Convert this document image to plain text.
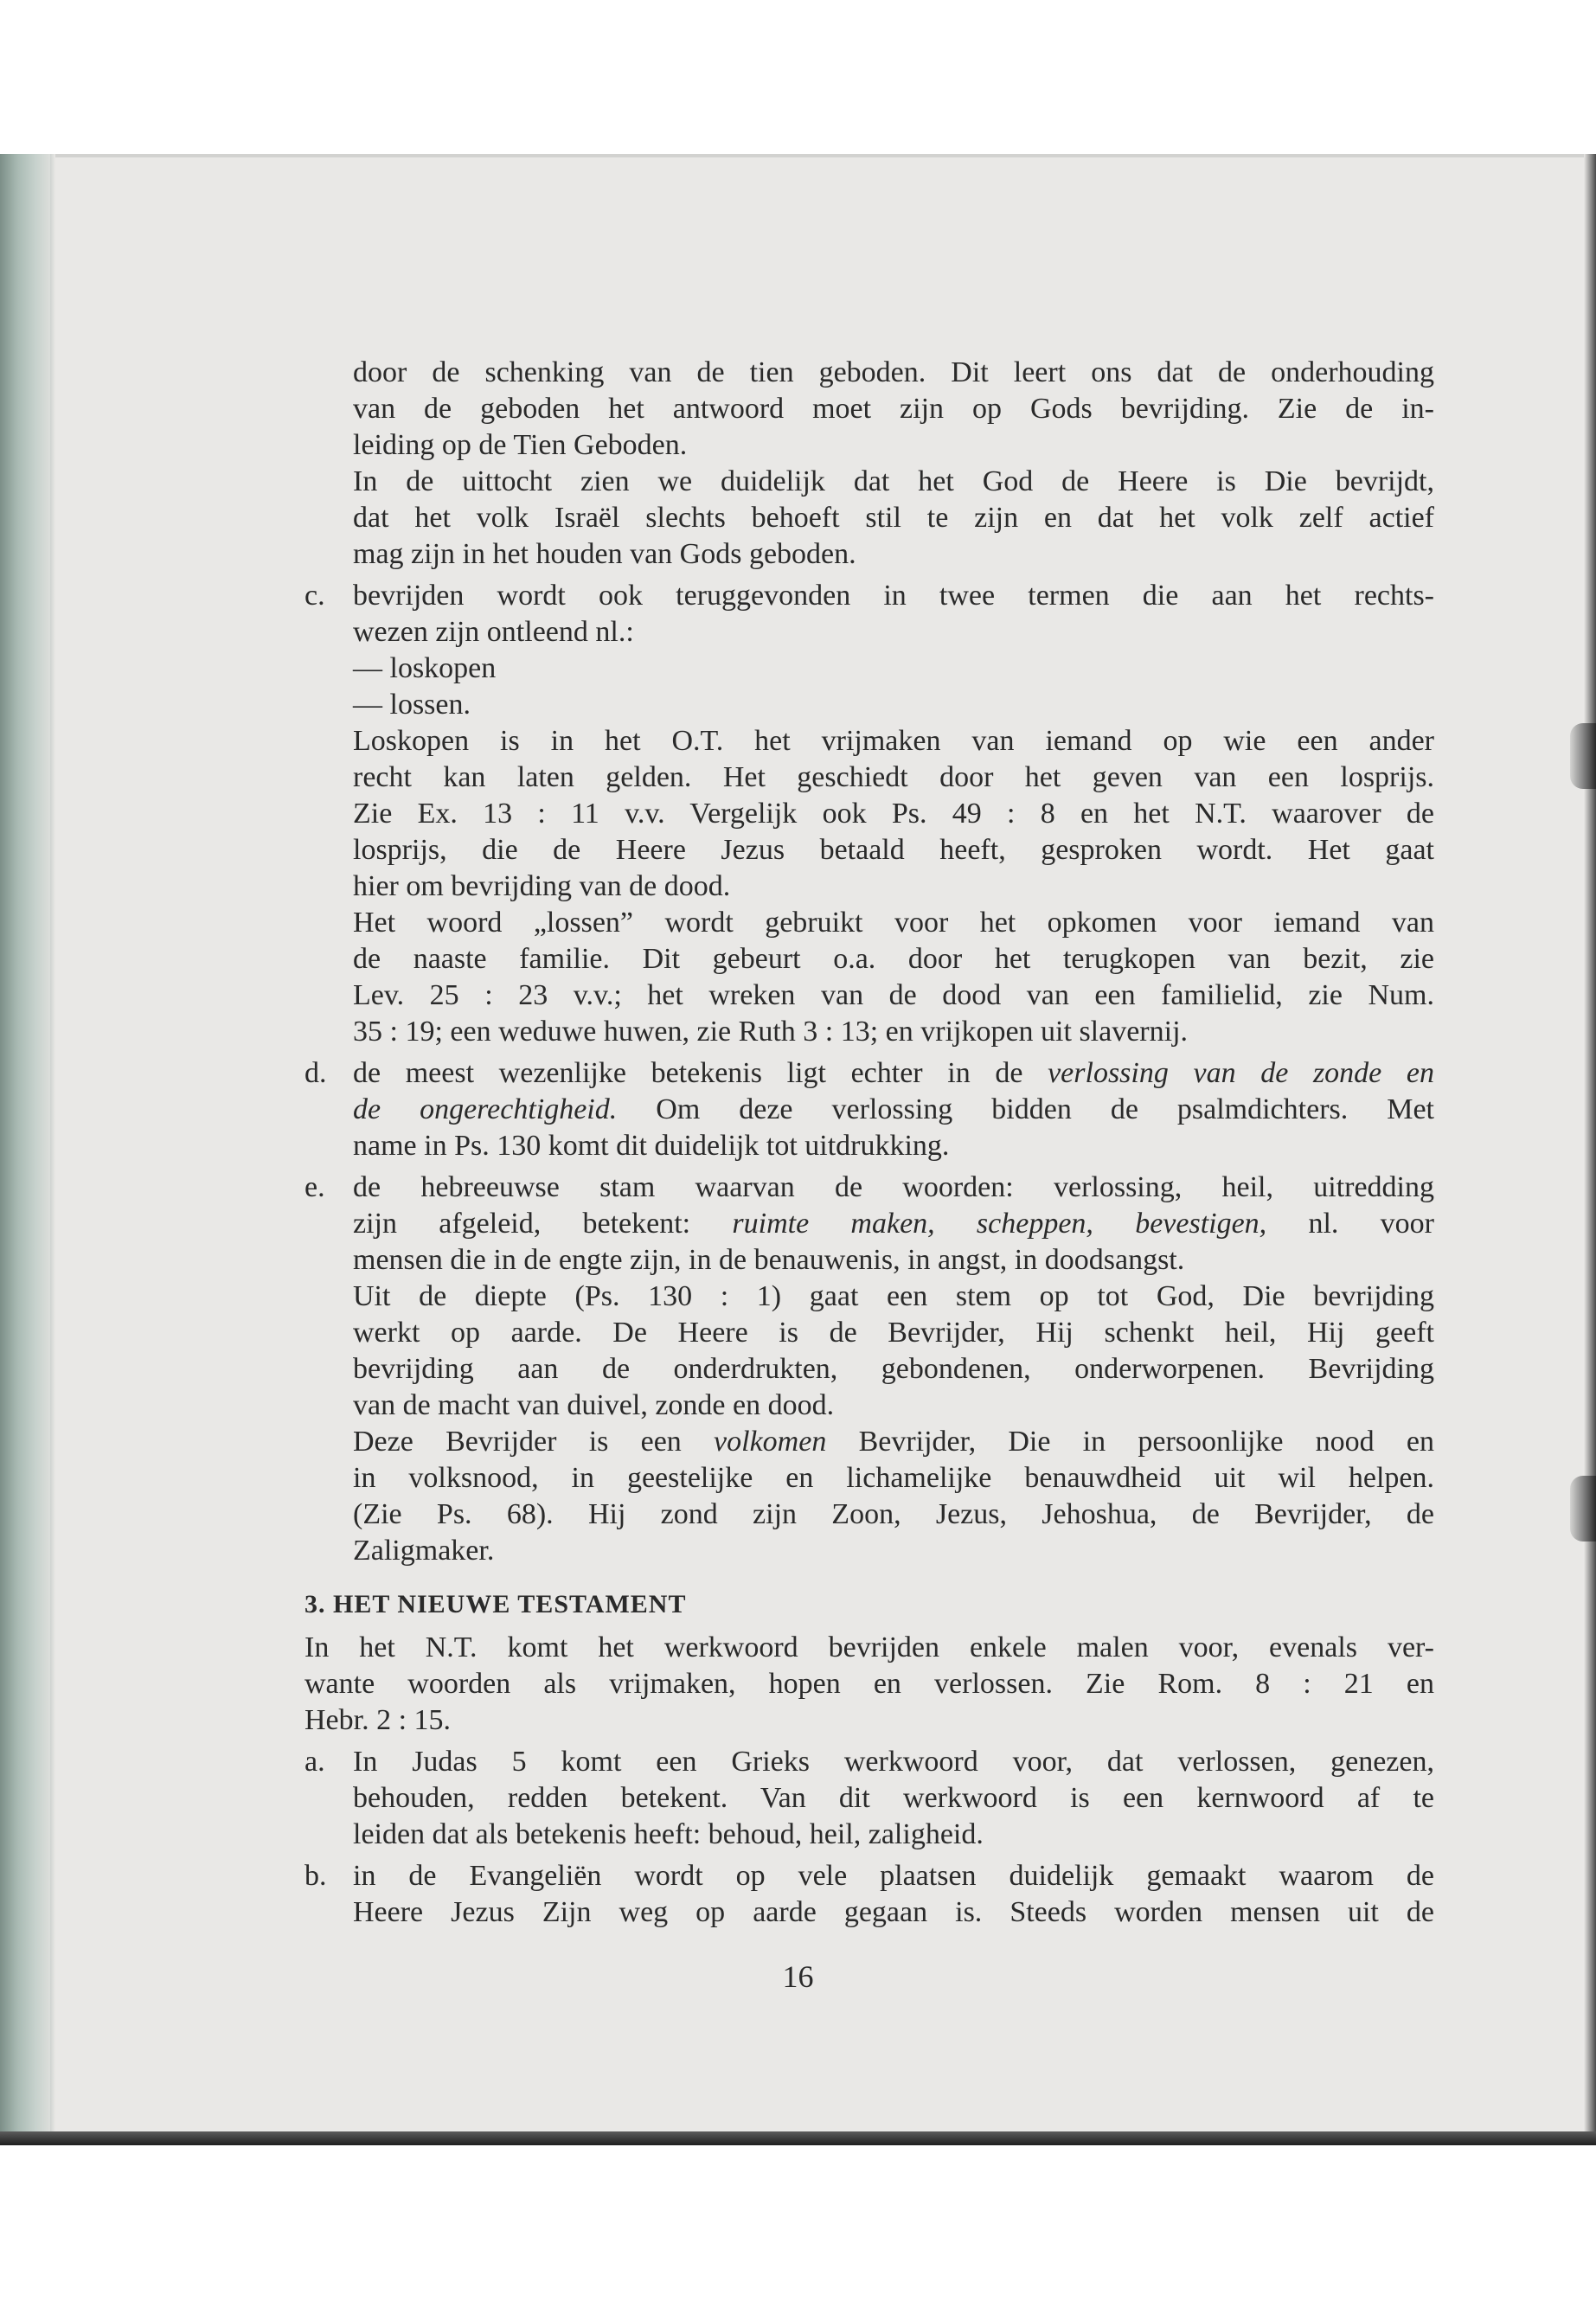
door de schenking van de tien geboden. Dit leert ons dat de onderhouding

van de geboden het antwoord moet zijn op Gods bevrijding. Zie de in-

leiding op de Tien Geboden.

In de uittocht zien we duidelijk dat het God de Heere is Die bevrijdt,

dat het volk Israël slechts behoeft stil te zijn en dat het volk zelf actief

mag zijn in het houden van Gods geboden.

c. bevrijden wordt ook teruggevonden in twee termen die aan het rechts-

wezen zijn ontleend nl.:

— loskopen

— lossen.

Loskopen is in het O.T. het vrijmaken van iemand op wie een ander

recht kan laten gelden. Het geschiedt door het geven van een losprijs.

Zie Ex. 13 : 11 v.v. Vergelijk ook Ps. 49 : 8 en het N.T. waarover de

losprijs, die de Heere Jezus betaald heeft, gesproken wordt. Het gaat

hier om bevrijding van de dood.

Het woord „lossen” wordt gebruikt voor het opkomen voor iemand van

de naaste familie. Dit gebeurt o.a. door het terugkopen van bezit, zie

Lev. 25 : 23 v.v.; het wreken van de dood van een familielid, zie Num.

35 : 19; een weduwe huwen, zie Ruth 3 : 13; en vrijkopen uit slavernij.

d. de meest wezenlijke betekenis ligt echter in de verlossing van de zonde en

de ongerechtigheid. Om deze verlossing bidden de psalmdichters. Met

name in Ps. 130 komt dit duidelijk tot uitdrukking.

e. de hebreeuwse stam waarvan de woorden: verlossing, heil, uitredding

zijn afgeleid, betekent: ruimte maken, scheppen, bevestigen, nl. voor

mensen die in de engte zijn, in de benauwenis, in angst, in doodsangst.

Uit de diepte (Ps. 130 : 1) gaat een stem op tot God, Die bevrijding

werkt op aarde. De Heere is de Bevrijder, Hij schenkt heil, Hij geeft

bevrijding aan de onderdrukten, gebondenen, onderworpenen. Bevrijding

van de macht van duivel, zonde en dood.

Deze Bevrijder is een volkomen Bevrijder, Die in persoonlijke nood en

in volksnood, in geestelijke en lichamelijke benauwdheid uit wil helpen.

(Zie Ps. 68). Hij zond zijn Zoon, Jezus, Jehoshua, de Bevrijder, de

Zaligmaker.

3. HET NIEUWE TESTAMENT

In het N.T. komt het werkwoord bevrijden enkele malen voor, evenals ver-

wante woorden als vrijmaken, hopen en verlossen. Zie Rom. 8 : 21 en

Hebr. 2 : 15.

a. In Judas 5 komt een Grieks werkwoord voor, dat verlossen, genezen,

behouden, redden betekent. Van dit werkwoord is een kernwoord af te

leiden dat als betekenis heeft: behoud, heil, zaligheid.

b. in de Evangeliën wordt op vele plaatsen duidelijk gemaakt waarom de

Heere Jezus Zijn weg op aarde gegaan is. Steeds worden mensen uit de

16
